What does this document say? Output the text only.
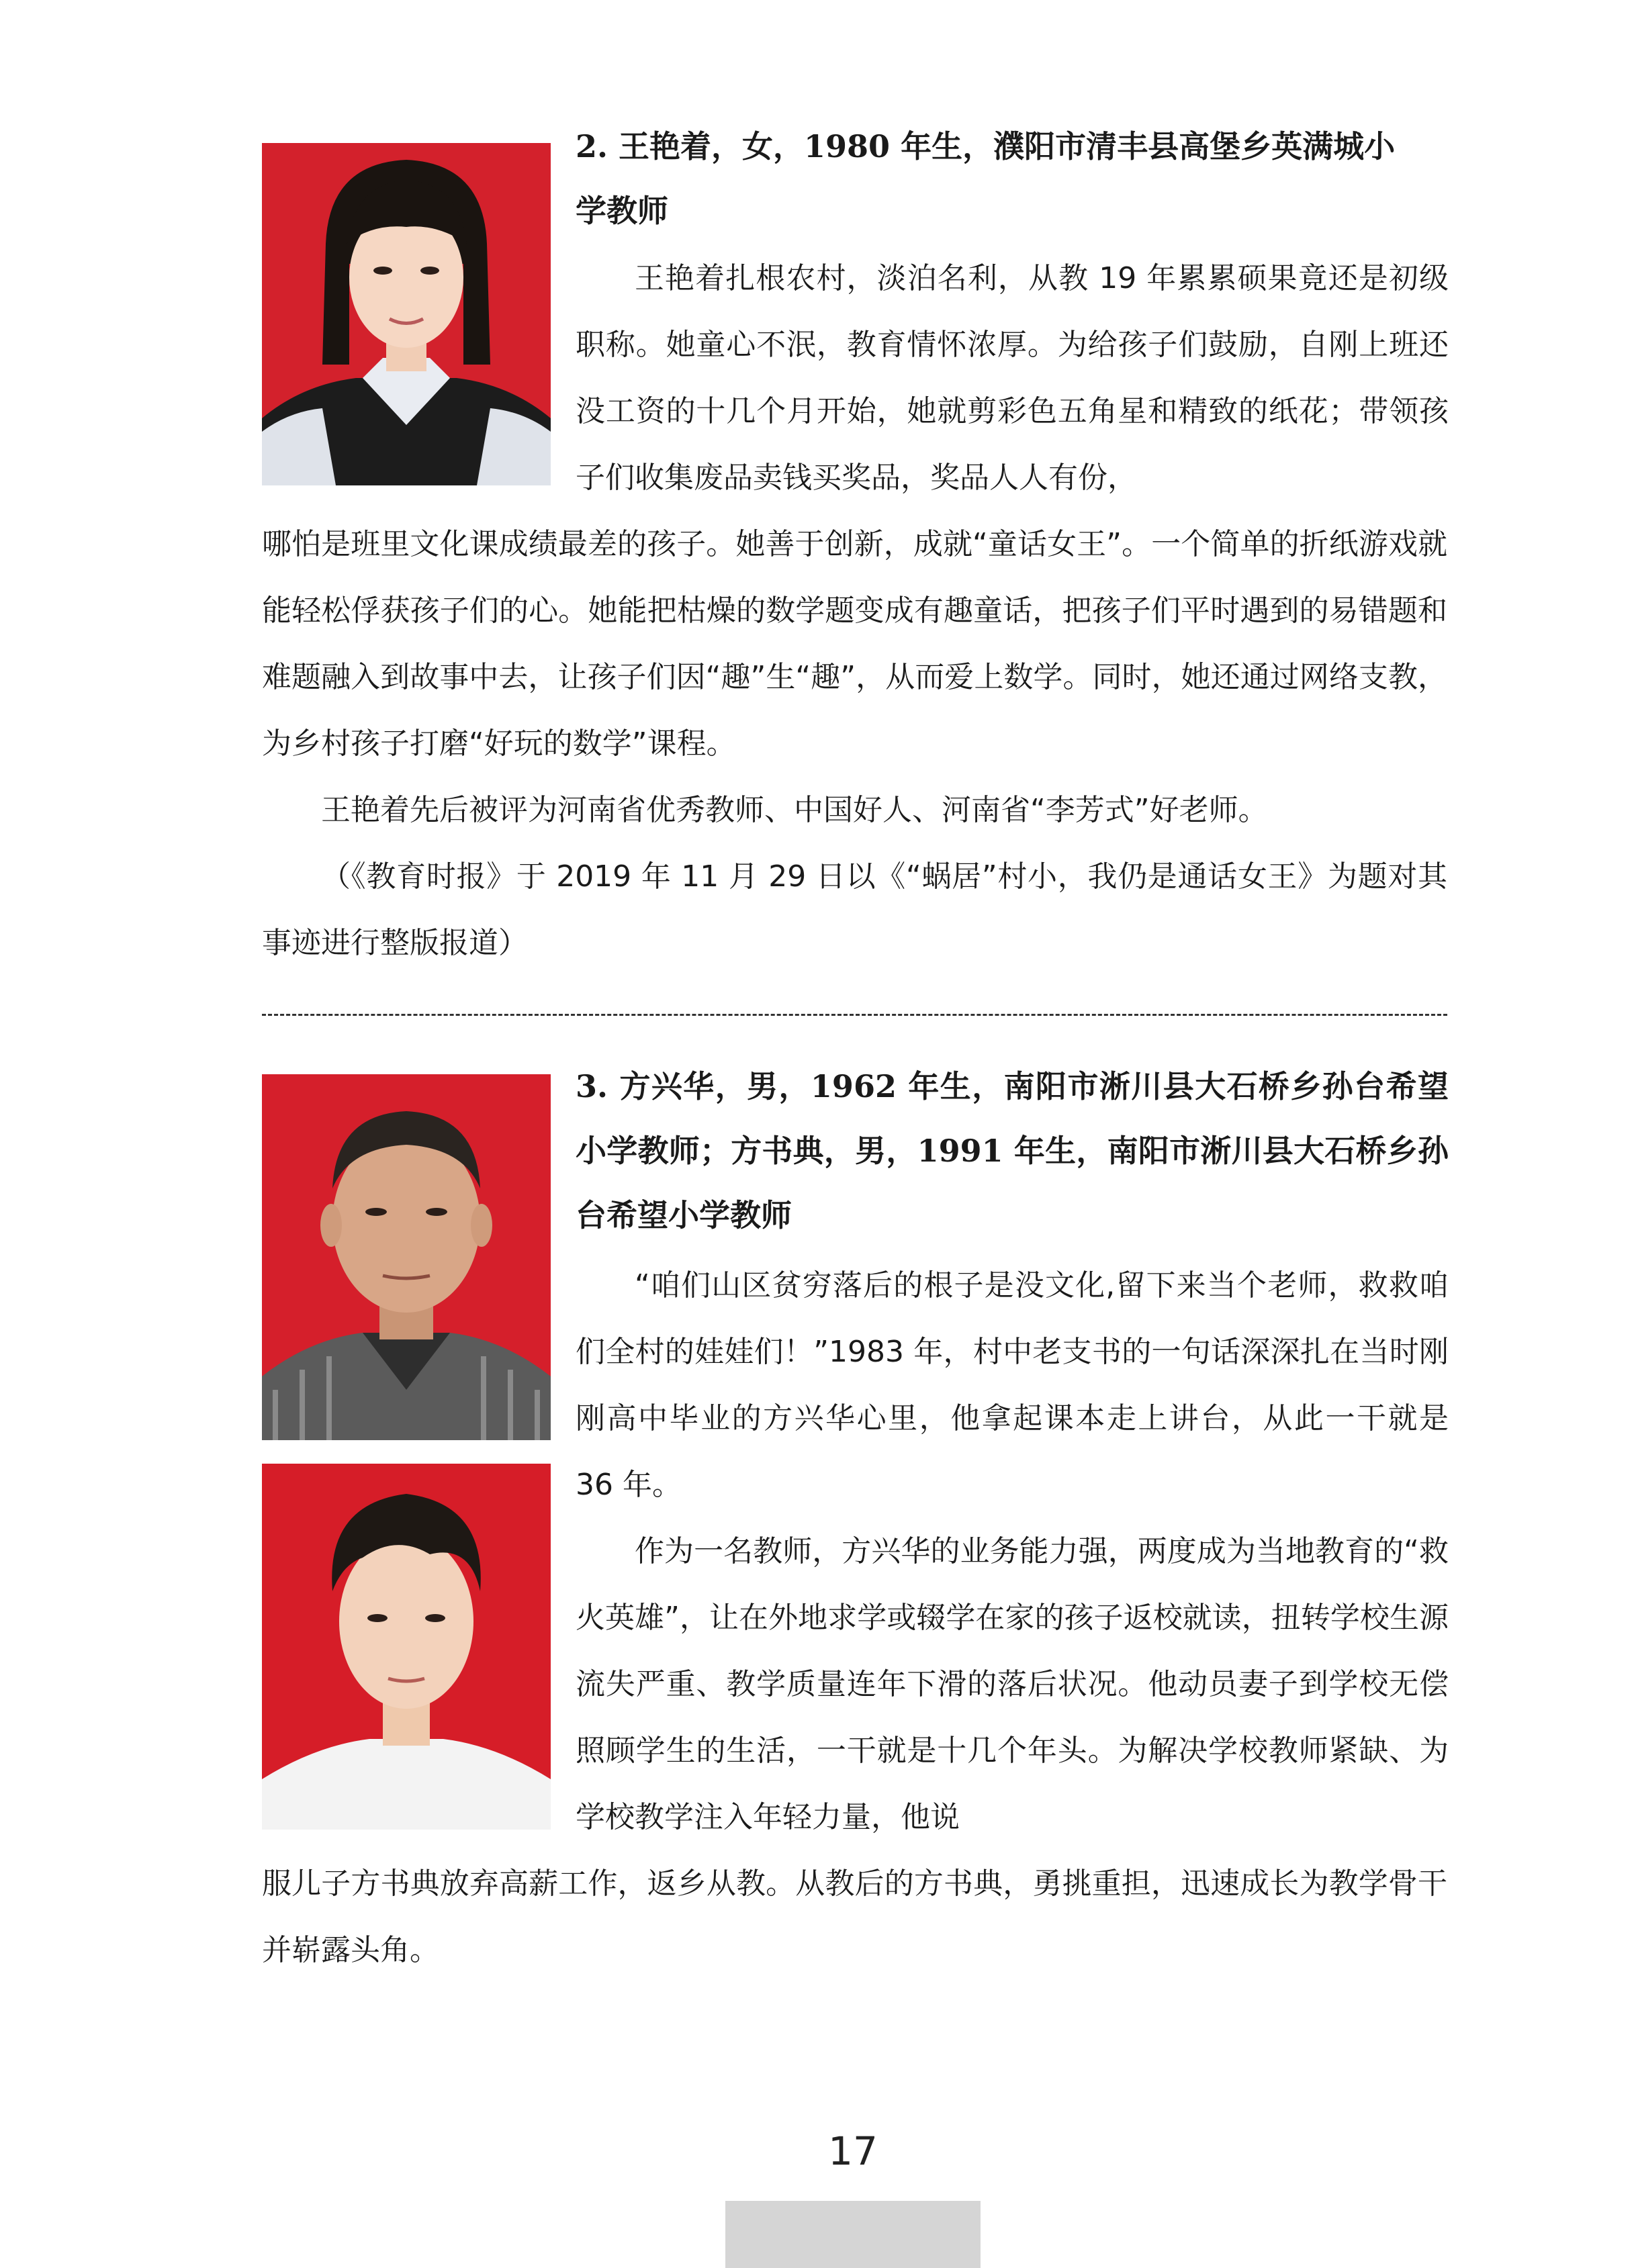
2. 王艳着，女，1980 年生，濮阳市清丰县高堡乡英满城小
学教师

王艳着扎根农村，淡泊名利，从教 19 年累累硕果竟还是初级职称。她童心不泯，教育情怀浓厚。为给孩子们鼓励，自刚上班还没工资的十几个月开始，她就剪彩色五角星和精致的纸花；带领孩子们收集废品卖钱买奖品，奖品人人有份，

哪怕是班里文化课成绩最差的孩子。她善于创新，成就“童话女王”。一个简单的折纸游戏就能轻松俘获孩子们的心。她能把枯燥的数学题变成有趣童话，把孩子们平时遇到的易错题和难题融入到故事中去，让孩子们因“趣”生“趣”，从而爱上数学。同时，她还通过网络支教，为乡村孩子打磨“好玩的数学”课程。

王艳着先后被评为河南省优秀教师、中国好人、河南省“李芳式”好老师。

（《教育时报》于 2019 年 11 月 29 日以《“蜗居”村小，我仍是通话女王》为题对其事迹进行整版报道）

3. 方兴华，男，1962 年生，南阳市淅川县大石桥乡孙台希望小学教师；方书典，男，1991 年生，南阳市淅川县大石桥乡孙台希望小学教师

“咱们山区贫穷落后的根子是没文化,留下来当个老师，救救咱们全村的娃娃们！”1983 年，村中老支书的一句话深深扎在当时刚刚高中毕业的方兴华心里，他拿起课本走上讲台，从此一干就是 36 年。

作为一名教师，方兴华的业务能力强，两度成为当地教育的“救火英雄”，让在外地求学或辍学在家的孩子返校就读，扭转学校生源流失严重、教学质量连年下滑的落后状况。他动员妻子到学校无偿照顾学生的生活，一干就是十几个年头。为解决学校教师紧缺、为学校教学注入年轻力量，他说

服儿子方书典放弃高薪工作，返乡从教。从教后的方书典，勇挑重担，迅速成长为教学骨干并崭露头角。

17
